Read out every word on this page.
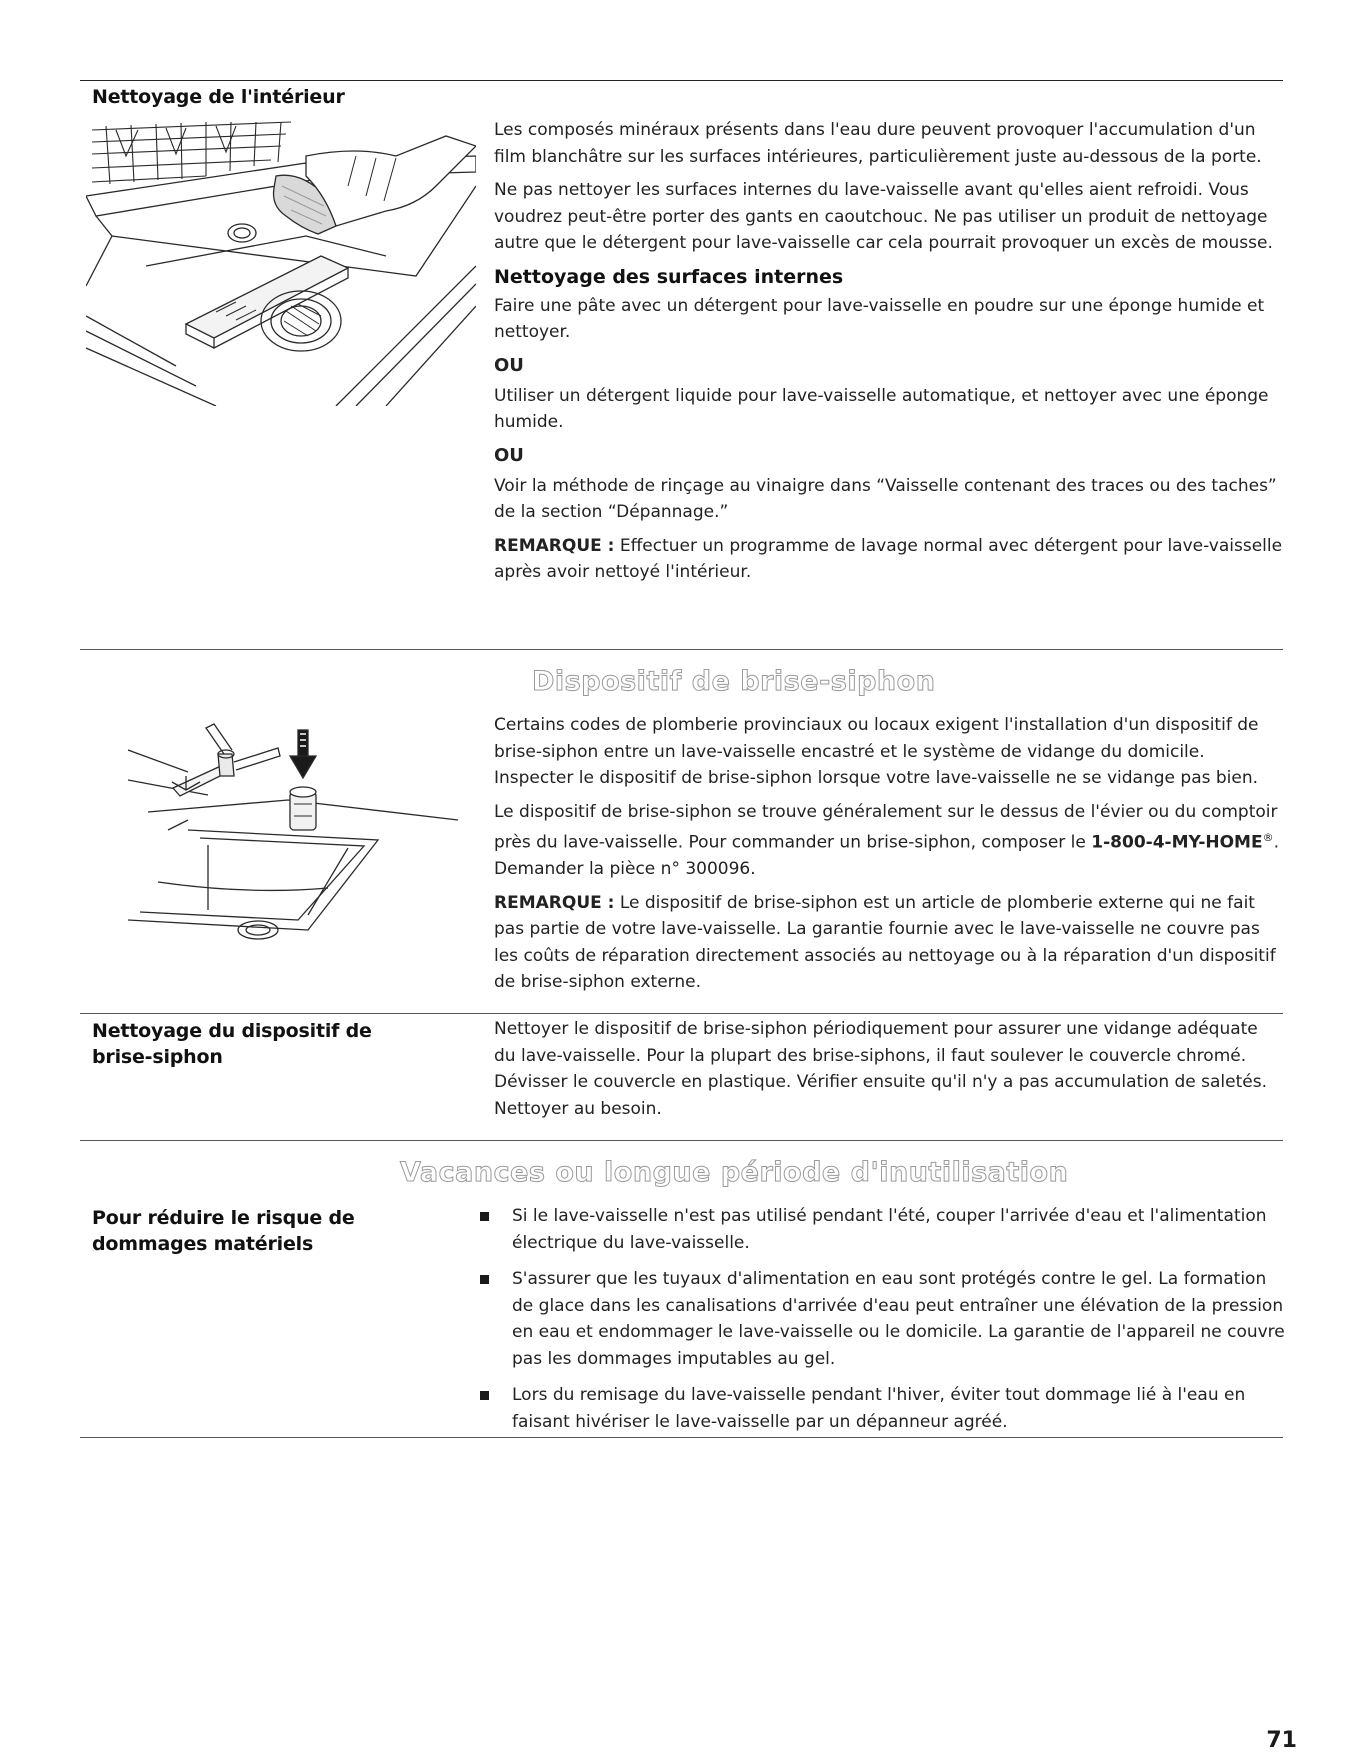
Nettoyage de l'intérieur

Les composés minéraux présents dans l'eau dure peuvent provoquer l'accumulation d'un film blanchâtre sur les surfaces intérieures, particulièrement juste au-dessous de la porte.

Ne pas nettoyer les surfaces internes du lave-vaisselle avant qu'elles aient refroidi. Vous voudrez peut-être porter des gants en caoutchouc. Ne pas utiliser un produit de nettoyage autre que le détergent pour lave-vaisselle car cela pourrait provoquer un excès de mousse.

Nettoyage des surfaces internes

Faire une pâte avec un détergent pour lave-vaisselle en poudre sur une éponge humide et nettoyer.

OU

Utiliser un détergent liquide pour lave-vaisselle automatique, et nettoyer avec une éponge humide.

OU

Voir la méthode de rinçage au vinaigre dans “Vaisselle contenant des traces ou des taches” de la section “Dépannage.”

REMARQUE : Effectuer un programme de lavage normal avec détergent pour lave-vaisselle après avoir nettoyé l'intérieur.

Dispositif de brise-siphon

Certains codes de plomberie provinciaux ou locaux exigent l'installation d'un dispositif de brise-siphon entre un lave-vaisselle encastré et le système de vidange du domicile. Inspecter le dispositif de brise-siphon lorsque votre lave-vaisselle ne se vidange pas bien.

Le dispositif de brise-siphon se trouve généralement sur le dessus de l'évier ou du comptoir près du lave-vaisselle. Pour commander un brise-siphon, composer le 1-800-4-MY-HOME®. Demander la pièce n° 300096.

REMARQUE : Le dispositif de brise-siphon est un article de plomberie externe qui ne fait pas partie de votre lave-vaisselle. La garantie fournie avec le lave-vaisselle ne couvre pas les coûts de réparation directement associés au nettoyage ou à la réparation d'un dispositif de brise-siphon externe.

Nettoyage du dispositif de brise-siphon

Nettoyer le dispositif de brise-siphon périodiquement pour assurer une vidange adéquate du lave-vaisselle. Pour la plupart des brise-siphons, il faut soulever le couvercle chromé. Dévisser le couvercle en plastique. Vérifier ensuite qu'il n'y a pas accumulation de saletés. Nettoyer au besoin.

Vacances ou longue période d'inutilisation
Pour réduire le risque de dommages matériels
Si le lave-vaisselle n'est pas utilisé pendant l'été, couper l'arrivée d'eau et l'alimentation électrique du lave-vaisselle.
S'assurer que les tuyaux d'alimentation en eau sont protégés contre le gel. La formation de glace dans les canalisations d'arrivée d'eau peut entraîner une élévation de la pression en eau et endommager le lave-vaisselle ou le domicile. La garantie de l'appareil ne couvre pas les dommages imputables au gel.
Lors du remisage du lave-vaisselle pendant l'hiver, éviter tout dommage lié à l'eau en faisant hivériser le lave-vaisselle par un dépanneur agréé.
71
